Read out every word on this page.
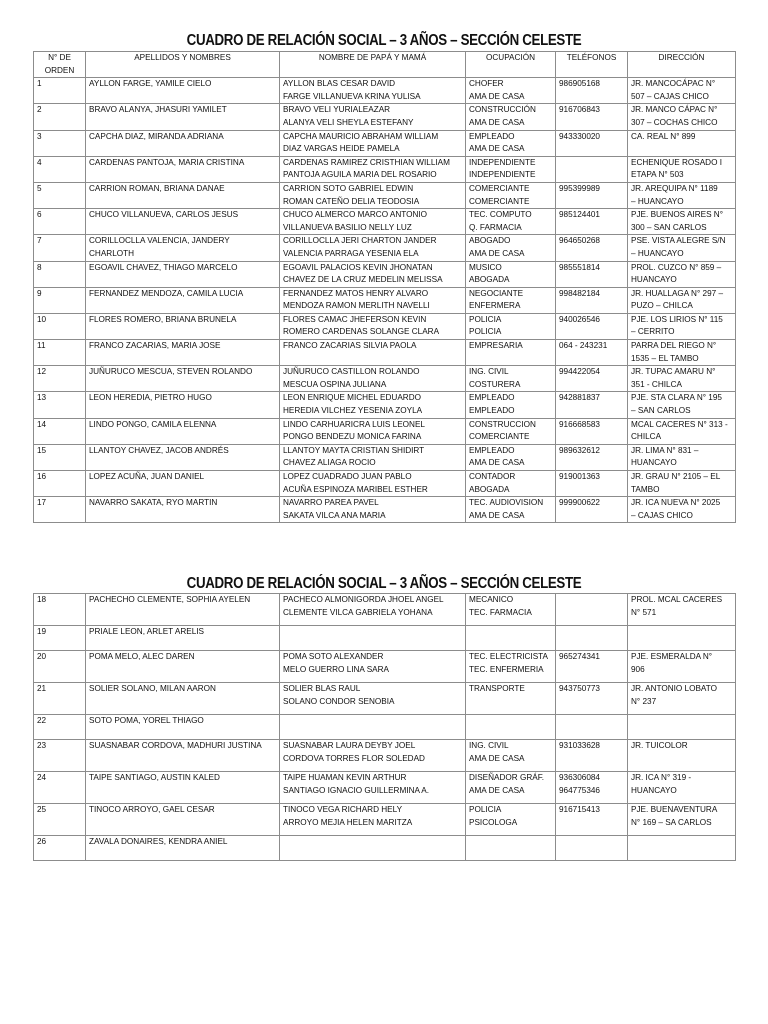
CUADRO DE RELACIÓN SOCIAL – 3 AÑOS – SECCIÓN CELESTE
N° DE
ORDEN	APELLIDOS Y NOMBRES	NOMBRE DE PAPÁ Y MAMÁ	OCUPACIÓN	TELÉFONOS	DIRECCIÓN
1	AYLLON FARGE, YAMILE CIELO	AYLLON BLAS CESAR DAVID
FARGE VILLANUEVA KRINA YULISA	CHOFER
AMA DE CASA	986905168	JR. MANCOCÁPAC N°
507 – CAJAS CHICO
2	BRAVO ALANYA, JHASURI YAMILET	BRAVO VELI YURIALEAZAR
ALANYA VELI SHEYLA ESTEFANY	CONSTRUCCIÓN
AMA DE CASA	916706843	JR. MANCO CÁPAC N°
307 – COCHAS CHICO
3	CAPCHA DIAZ, MIRANDA ADRIANA	CAPCHA MAURICIO ABRAHAM WILLIAM
DIAZ VARGAS HEIDE PAMELA	EMPLEADO
AMA DE CASA	943330020	CA. REAL N° 899
4	CARDENAS PANTOJA, MARIA CRISTINA	CARDENAS RAMIREZ CRISTHIAN WILLIAM
PANTOJA AGUILA MARIA DEL ROSARIO	INDEPENDIENTE
INDEPENDIENTE		ECHENIQUE ROSADO I
ETAPA N° 503
5	CARRION ROMAN, BRIANA DANAE	CARRION SOTO GABRIEL EDWIN
ROMAN CATEÑO DELIA TEODOSIA	COMERCIANTE
COMERCIANTE	995399989	JR. AREQUIPA N° 1189
– HUANCAYO
6	CHUCO VILLANUEVA, CARLOS JESUS	CHUCO ALMERCO MARCO ANTONIO
VILLANUEVA BASILIO NELLY LUZ	TEC. COMPUTO
Q. FARMACIA	985124401	PJE. BUENOS AIRES N°
300 – SAN CARLOS
7	CORILLOCLLA VALENCIA, JANDERY
CHARLOTH	CORILLOCLLA JERI CHARTON JANDER
VALENCIA PARRAGA YESENIA ELA	ABOGADO
AMA DE CASA	964650268	PSE. VISTA ALEGRE S/N
– HUANCAYO
8	EGOAVIL CHAVEZ, THIAGO MARCELO	EGOAVIL PALACIOS KEVIN JHONATAN
CHAVEZ DE LA CRUZ MEDELIN MELISSA	MUSICO
ABOGADA	985551814	PROL. CUZCO N° 859 –
HUANCAYO
9	FERNANDEZ MENDOZA, CAMILA LUCIA	FERNANDEZ MATOS HENRY ALVARO
MENDOZA RAMON MERLITH NAVELLI	NEGOCIANTE
ENFERMERA	998482184	JR. HUALLAGA N° 297 –
PUZO – CHILCA
10	FLORES ROMERO, BRIANA BRUNELA	FLORES CAMAC JHEFERSON KEVIN
ROMERO CARDENAS SOLANGE CLARA	POLICIA
POLICIA	940026546	PJE. LOS LIRIOS N° 115
– CERRITO
11	FRANCO ZACARIAS, MARIA JOSE	FRANCO ZACARIAS SILVIA PAOLA	EMPRESARIA	064 - 243231	PARRA DEL RIEGO N°
1535 – EL TAMBO
12	JUÑURUCO MESCUA, STEVEN ROLANDO	JUÑURUCO CASTILLON ROLANDO
MESCUA OSPINA JULIANA	ING. CIVIL
COSTURERA	994422054	JR. TUPAC AMARU N°
351 - CHILCA
13	LEON HEREDIA, PIETRO HUGO	LEON ENRIQUE MICHEL EDUARDO
HEREDIA VILCHEZ YESENIA ZOYLA	EMPLEADO
EMPLEADO	942881837	PJE. STA CLARA N° 195
– SAN CARLOS
14	LINDO PONGO, CAMILA ELENNA	LINDO CARHUARICRA LUIS LEONEL
PONGO BENDEZU MONICA FARINA	CONSTRUCCION
COMERCIANTE	916668583	MCAL CACERES N° 313 -
CHILCA
15	LLANTOY CHAVEZ, JACOB ANDRÉS	LLANTOY MAYTA CRISTIAN SHIDIRT
CHAVEZ ALIAGA ROCIO	EMPLEADO
AMA DE CASA	989632612	JR. LIMA N° 831 –
HUANCAYO
16	LOPEZ ACUÑA, JUAN DANIEL	LOPEZ CUADRADO JUAN PABLO
ACUÑA ESPINOZA MARIBEL ESTHER	CONTADOR
ABOGADA	919001363	JR. GRAU N° 2105 – EL
TAMBO
17	NAVARRO SAKATA, RYO MARTIN	NAVARRO PAREA PAVEL
SAKATA VILCA ANA MARIA	TEC. AUDIOVISION
AMA DE CASA	999900622	JR. ICA NUEVA N° 2025
– CAJAS CHICO
CUADRO DE RELACIÓN SOCIAL – 3 AÑOS – SECCIÓN CELESTE
18	PACHECHO CLEMENTE, SOPHIA AYELEN	PACHECO ALMONIGORDA JHOEL ANGEL
CLEMENTE VILCA GABRIELA YOHANA	MECANICO
TEC. FARMACIA		PROL. MCAL CACERES
N° 571
19	PRIALE LEON, ARLET ARELIS				
20	POMA MELO, ALEC DAREN	POMA SOTO ALEXANDER
MELO GUERRO LINA SARA	TEC. ELECTRICISTA
TEC. ENFERMERIA	965274341	PJE. ESMERALDA N°
906
21	SOLIER SOLANO, MILAN AARON	SOLIER BLAS RAUL
SOLANO CONDOR SENOBIA	TRANSPORTE	943750773	JR. ANTONIO LOBATO
N° 237
22	SOTO POMA, YOREL THIAGO				
23	SUASNABAR CORDOVA, MADHURI JUSTINA	SUASNABAR LAURA DEYBY JOEL
CORDOVA TORRES FLOR SOLEDAD	ING. CIVIL
AMA DE CASA	931033628	JR. TUICOLOR
24	TAIPE SANTIAGO, AUSTIN KALED	TAIPE HUAMAN KEVIN ARTHUR
SANTIAGO IGNACIO GUILLERMINA A.	DISEÑADOR GRÁF.
AMA DE CASA	936306084
964775346	JR. ICA N° 319 -
HUANCAYO
25	TINOCO ARROYO, GAEL CESAR	TINOCO VEGA RICHARD HELY
ARROYO MEJIA HELEN MARITZA	POLICIA
PSICOLOGA	916715413	PJE. BUENAVENTURA
N° 169 – SA CARLOS
26	ZAVALA DONAIRES, KENDRA ANIEL				
